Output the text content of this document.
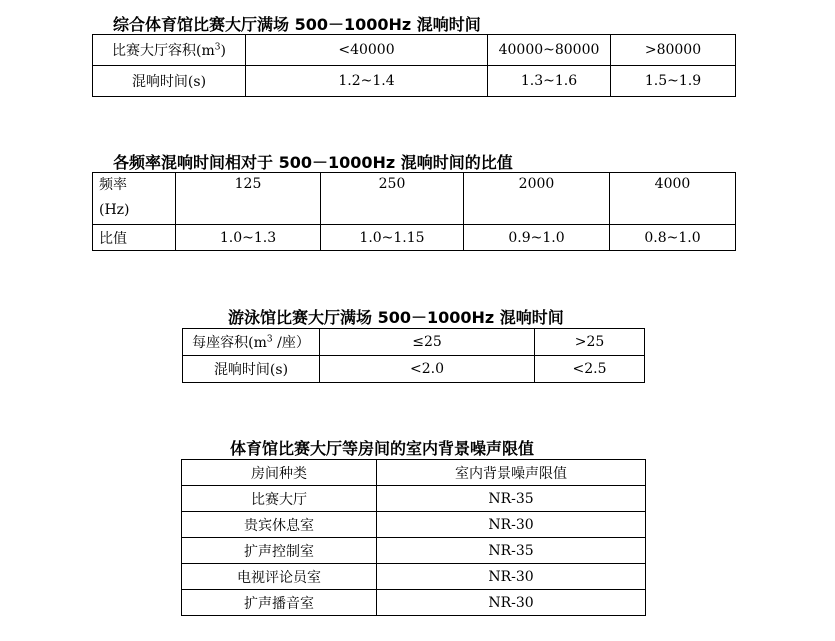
综合体育馆比赛大厅满场 500－1000Hz 混响时间
比赛大厅容积$(m^3)$	<40000	40000~80000	>80000
混响时间(s)	1.2~1.4	1.3~1.6	1.5~1.9
各频率混响时间相对于 500－1000Hz 混响时间的比值
频率
(Hz)	125	250	2000	4000
比值	1.0~1.3	1.0~1.15	0.9~1.0	0.8~1.0
游泳馆比赛大厅满场 500－1000Hz 混响时间
每座容积($m^3$ /座）	≤25	>25
混响时间(s)	<2.0	<2.5
体育馆比赛大厅等房间的室内背景噪声限值
房间种类	室内背景噪声限值
比赛大厅	NR-35
贵宾休息室	NR-30
扩声控制室	NR-35
电视评论员室	NR-30
扩声播音室	NR-30
